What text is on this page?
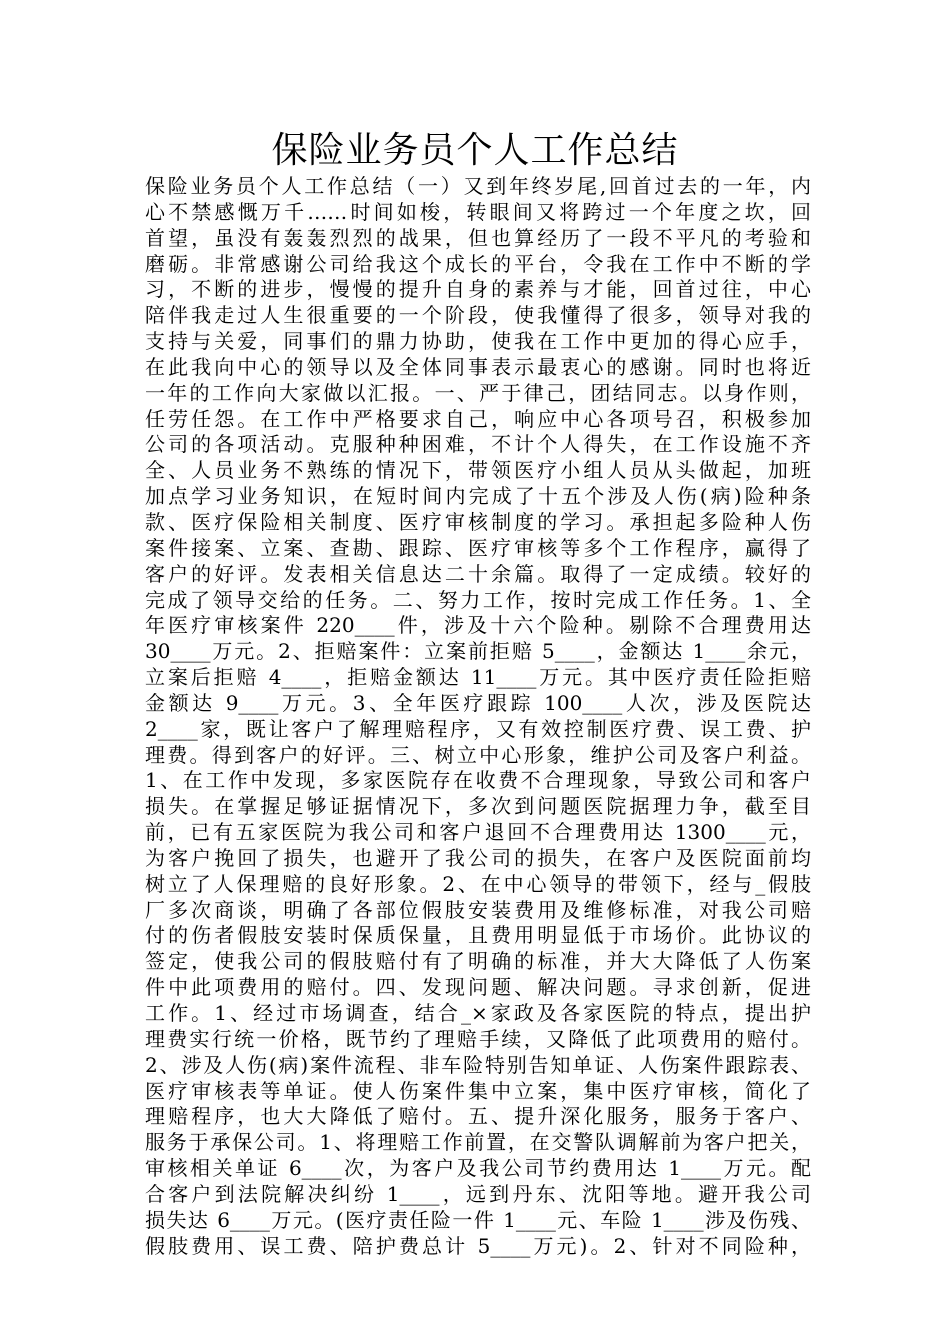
保险业务员个人工作总结
保险业务员个人工作总结（一）又到年终岁尾,回首过去的一年，内
心不禁感慨万千……时间如梭，转眼间又将跨过一个年度之坎，回
首望，虽没有轰轰烈烈的战果，但也算经历了一段不平凡的考验和
磨砺。非常感谢公司给我这个成长的平台，令我在工作中不断的学
习，不断的进步，慢慢的提升自身的素养与才能，回首过往，中心
陪伴我走过人生很重要的一个阶段，使我懂得了很多，领导对我的
支持与关爱，同事们的鼎力协助，使我在工作中更加的得心应手，
在此我向中心的领导以及全体同事表示最衷心的感谢。同时也将近
一年的工作向大家做以汇报。一、严于律己，团结同志。以身作则，
任劳任怨。在工作中严格要求自己，响应中心各项号召，积极参加
公司的各项活动。克服种种困难，不计个人得失，在工作设施不齐
全、人员业务不熟练的情况下，带领医疗小组人员从头做起，加班
加点学习业务知识，在短时间内完成了十五个涉及人伤(病)险种条
款、医疗保险相关制度、医疗审核制度的学习。承担起多险种人伤
案件接案、立案、查勘、跟踪、医疗审核等多个工作程序，赢得了
客户的好评。发表相关信息达二十余篇。取得了一定成绩。较好的
完成了领导交给的任务。二、努力工作，按时完成工作任务。1、全
年医疗审核案件 220____件，涉及十六个险种。剔除不合理费用达
30____万元。2、拒赔案件：立案前拒赔 5____，金额达 1____余元，
立案后拒赔 4____，拒赔金额达 11____万元。其中医疗责任险拒赔
金额达 9____万元。3、全年医疗跟踪 100____人次，涉及医院达
2____家，既让客户了解理赔程序，又有效控制医疗费、误工费、护
理费。得到客户的好评。三、树立中心形象，维护公司及客户利益。
1、在工作中发现，多家医院存在收费不合理现象，导致公司和客户
损失。在掌握足够证据情况下，多次到问题医院据理力争，截至目
前，已有五家医院为我公司和客户退回不合理费用达 1300____元，
为客户挽回了损失，也避开了我公司的损失，在客户及医院面前均
树立了人保理赔的良好形象。2、在中心领导的带领下，经与_假肢
厂多次商谈，明确了各部位假肢安装费用及维修标准，对我公司赔
付的伤者假肢安装时保质保量，且费用明显低于市场价。此协议的
签定，使我公司的假肢赔付有了明确的标准，并大大降低了人伤案
件中此项费用的赔付。四、发现问题、解决问题。寻求创新，促进
工作。1、经过市场调查，结合_×家政及各家医院的特点，提出护
理费实行统一价格，既节约了理赔手续，又降低了此项费用的赔付。
2、涉及人伤(病)案件流程、非车险特别告知单证、人伤案件跟踪表、
医疗审核表等单证。使人伤案件集中立案，集中医疗审核，简化了
理赔程序，也大大降低了赔付。五、提升深化服务，服务于客户、
服务于承保公司。1、将理赔工作前置，在交警队调解前为客户把关，
审核相关单证 6____次，为客户及我公司节约费用达 1____万元。配
合客户到法院解决纠纷 1____，远到丹东、沈阳等地。避开我公司
损失达 6____万元。(医疗责任险一件 1____元、车险 1____涉及伤残、
假肢费用、误工费、陪护费总计 5____万元)。2、针对不同险种，
